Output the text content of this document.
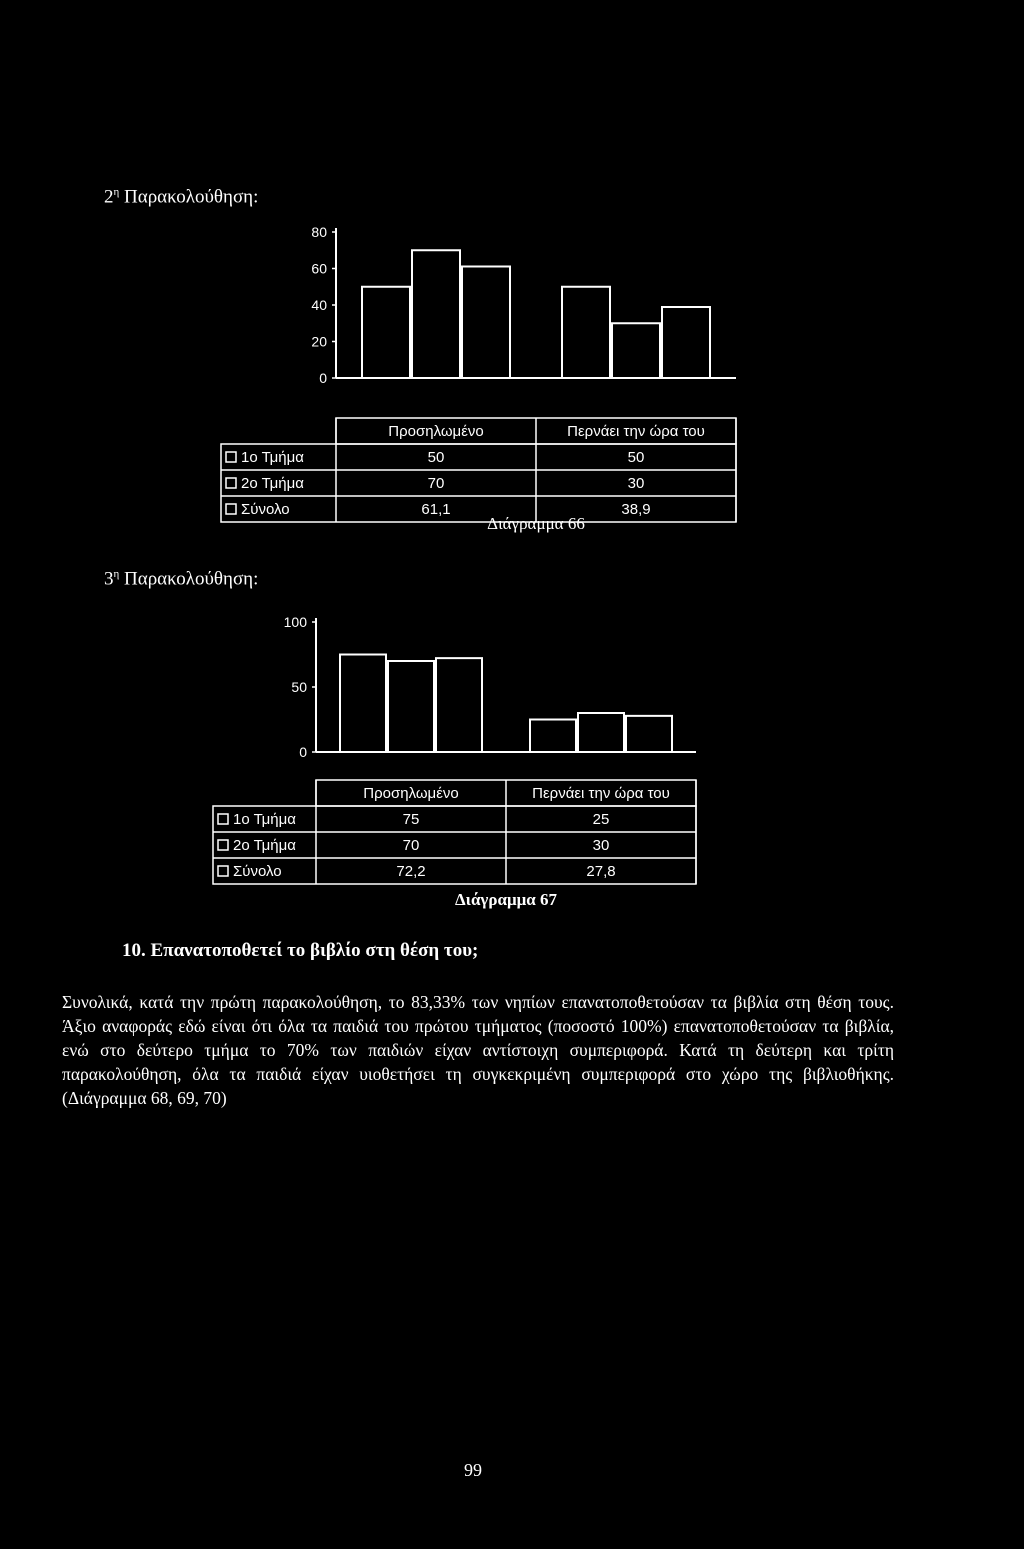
$2^\eta$ Παρακολούθηση:
0
20
40
60
80
Προσηλωμένο	Περνάει την ώρα του
1ο Τμήμα	50	50
2ο Τμήμα	70	30
Σύνολο	61,1	38,9
Διάγραμμα 66
$3^\eta$ Παρακολούθηση:
0
50
100
Προσηλωμένο	Περνάει την ώρα του
1ο Τμήμα	75	25
2ο Τμήμα	70	30
Σύνολο	72,2	27,8
Διάγραμμα 67
10. Επανατοποθετεί το βιβλίο στη θέση του;

Συνολικά, κατά την πρώτη παρακολούθηση, το 83,33% των νηπίων επανατοποθετούσαν τα βιβλία στη θέση τους. Άξιο αναφοράς εδώ είναι ότι όλα τα παιδιά του πρώτου τμήματος (ποσοστό 100%) επανατοποθετούσαν τα βιβλία, ενώ στο δεύτερο τμήμα το 70% των παιδιών είχαν αντίστοιχη συμπεριφορά. Κατά τη δεύτερη και τρίτη παρακολούθηση, όλα τα παιδιά είχαν υιοθετήσει τη συγκεκριμένη συμπεριφορά στο χώρο της βιβλιοθήκης. (Διάγραμμα 68, 69, 70)

99
